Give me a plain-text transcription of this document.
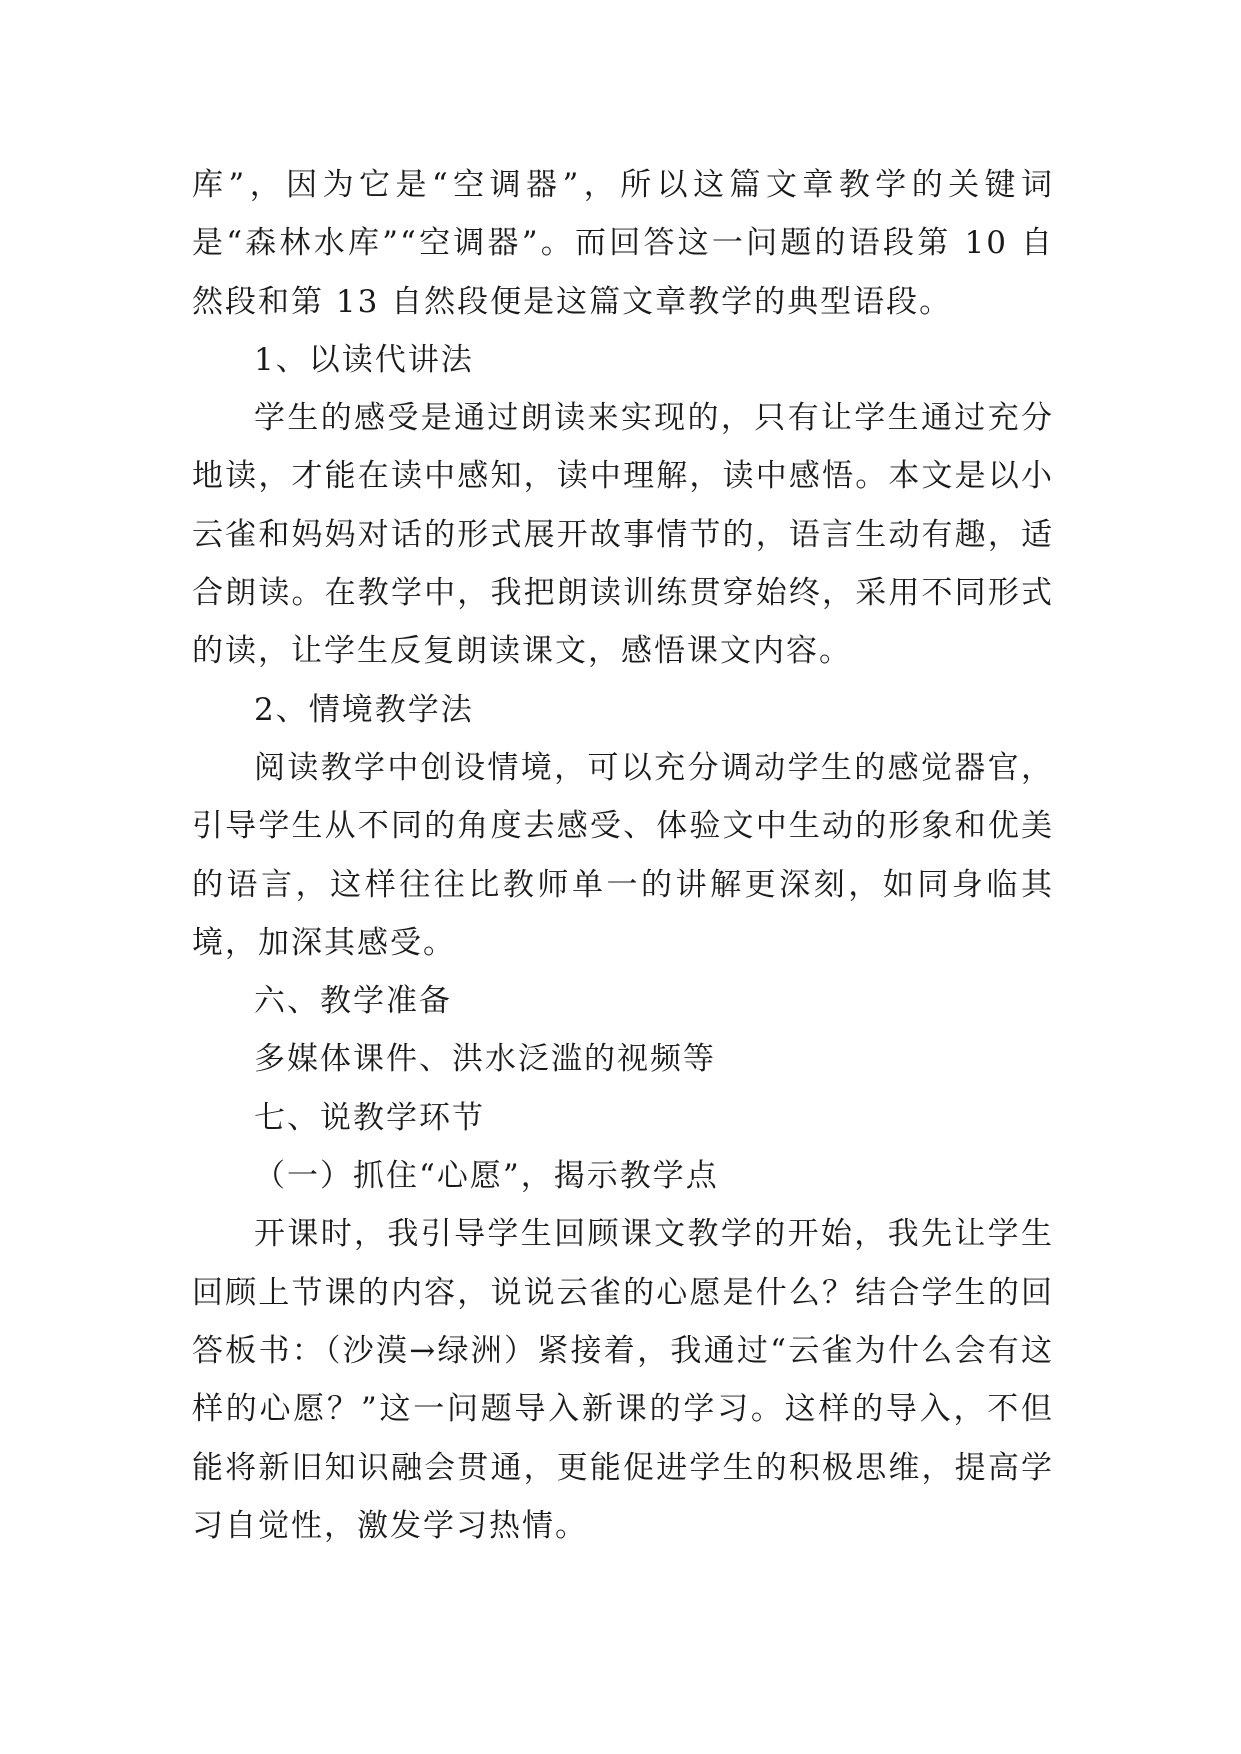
库”，因为它是“空调器”，所以这篇文章教学的关键词是“森林水库”“空调器”。而回答这一问题的语段第 10 自然段和第 13 自然段便是这篇文章教学的典型语段。

1、以读代讲法

学生的感受是通过朗读来实现的，只有让学生通过充分地读，才能在读中感知，读中理解，读中感悟。本文是以小云雀和妈妈对话的形式展开故事情节的，语言生动有趣，适合朗读。在教学中，我把朗读训练贯穿始终，采用不同形式的读，让学生反复朗读课文，感悟课文内容。

2、情境教学法

阅读教学中创设情境，可以充分调动学生的感觉器官，引导学生从不同的角度去感受、体验文中生动的形象和优美的语言，这样往往比教师单一的讲解更深刻，如同身临其境，加深其感受。

六、教学准备

多媒体课件、洪水泛滥的视频等

七、说教学环节

（一）抓住“心愿”，揭示教学点

开课时，我引导学生回顾课文教学的开始，我先让学生回顾上节课的内容，说说云雀的心愿是什么？结合学生的回答板书：（沙漠→绿洲）紧接着，我通过“云雀为什么会有这样的心愿？”这一问题导入新课的学习。这样的导入，不但能将新旧知识融会贯通，更能促进学生的积极思维，提高学习自觉性，激发学习热情。
